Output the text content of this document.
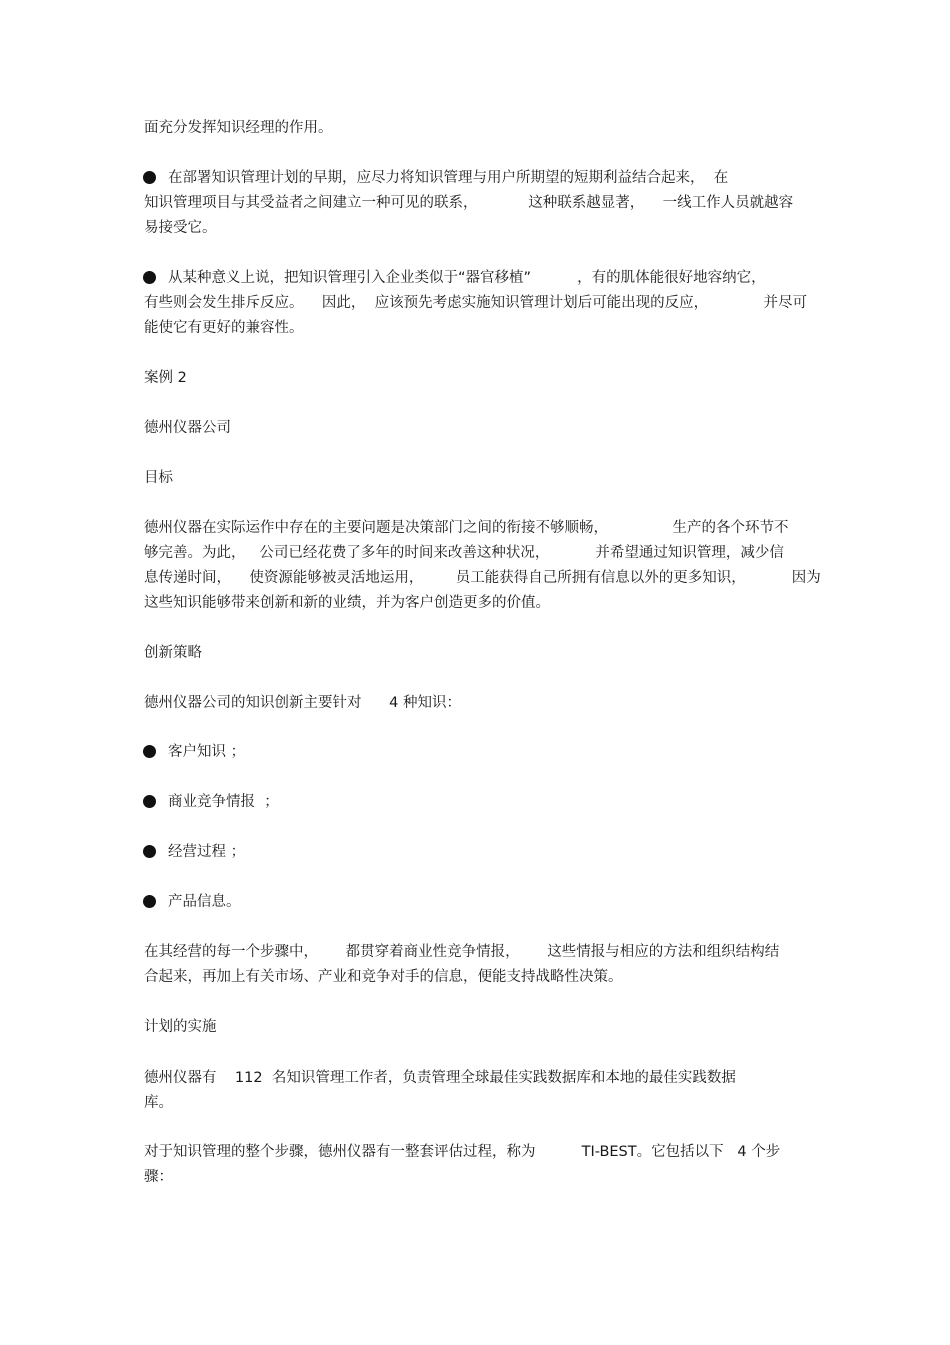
面充分发挥知识经理的作用。
在部署知识管理计划的早期，应尽力将知识管理与用户所期望的短期利益结合起来，  在
知识管理项目与其受益者之间建立一种可见的联系，           这种联系越显著，    一线工作人员就越容
易接受它。
从某种意义上说，把知识管理引入企业类似于“器官移植”          ，有的肌体能很好地容纳它，
有些则会发生排斥反应。    因此，  应该预先考虑实施知识管理计划后可能出现的反应，            并尽可
能使它有更好的兼容性。
案例 2
德州仪器公司
目标
德州仪器在实际运作中存在的主要问题是决策部门之间的衔接不够顺畅，              生产的各个环节不
够完善。为此，   公司已经花费了多年的时间来改善这种状况，          并希望通过知识管理，减少信
息传递时间，    使资源能够被灵活地运用，       员工能获得自己所拥有信息以外的更多知识，          因为
这些知识能够带来创新和新的业绩，并为客户创造更多的价值。
创新策略
德州仪器公司的知识创新主要针对      4 种知识：
客户知识 ；
商业竞争情报  ；
经营过程 ；
产品信息。
在其经营的每一个步骤中，      都贯穿着商业性竞争情报，      这些情报与相应的方法和组织结构结
合起来，再加上有关市场、产业和竞争对手的信息，便能支持战略性决策。
计划的实施
德州仪器有    112  名知识管理工作者，负责管理全球最佳实践数据库和本地的最佳实践数据
库。
对于知识管理的整个步骤，德州仪器有一整套评估过程，称为          TI-BEST。它包括以下   4 个步
骤：
